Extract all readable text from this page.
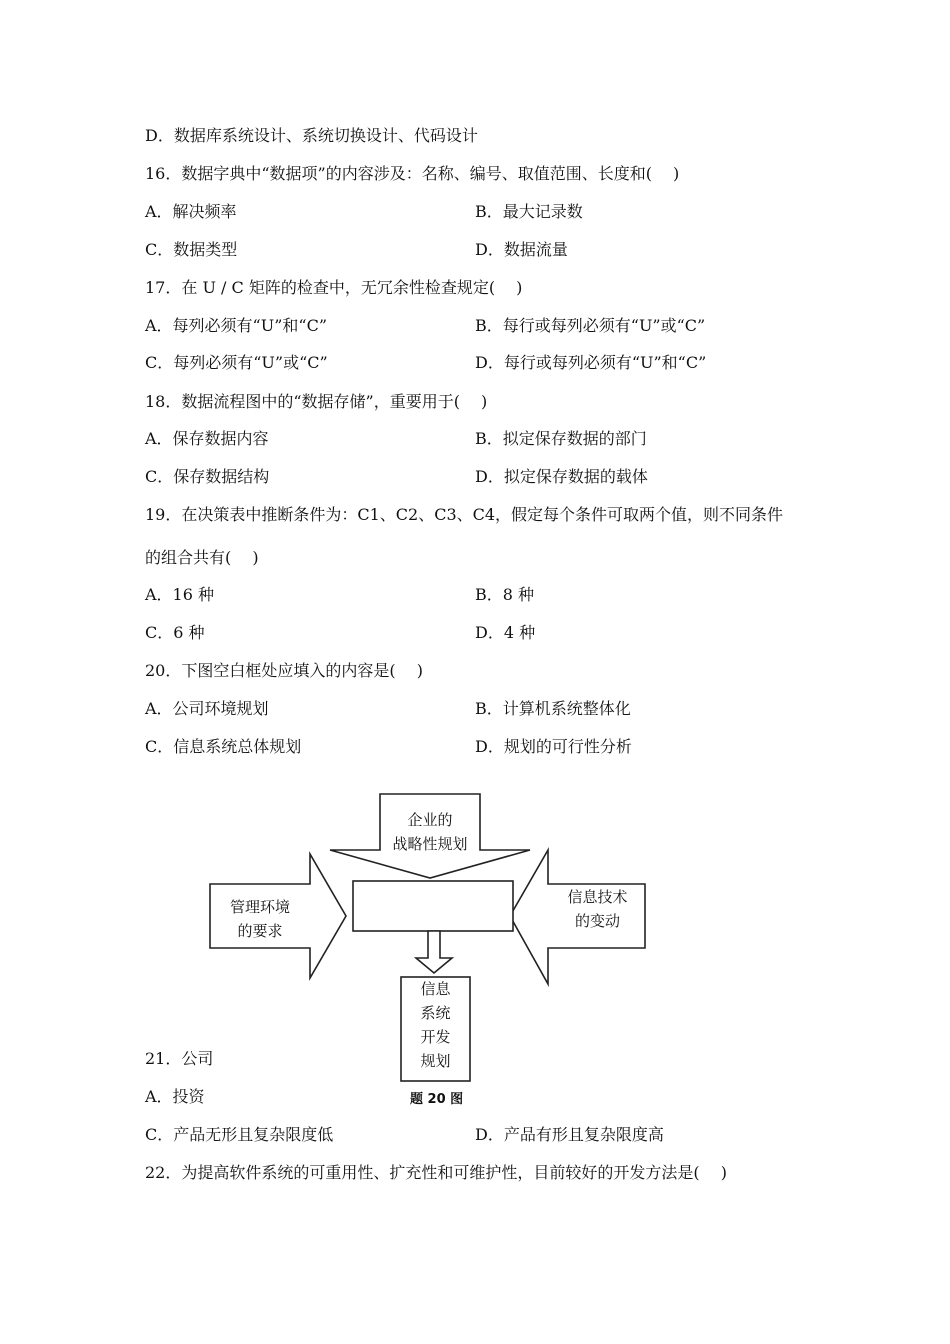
D．数据库系统设计、系统切换设计、代码设计
16．数据字典中“数据项”的内容涉及：名称、编号、取值范围、长度和(　 )
A．解决频率	B．最大记录数
C．数据类型	D．数据流量
17．在 U / C 矩阵的检查中，无冗余性检查规定(　 )
A．每列必须有“U”和“C”	B．每行或每列必须有“U”或“C”
C．每列必须有“U”或“C”	D．每行或每列必须有“U”和“C”
18．数据流程图中的“数据存储”，重要用于(　 )
A．保存数据内容	B．拟定保存数据的部门
C．保存数据结构	D．拟定保存数据的载体
19．在决策表中推断条件为：C1、C2、C3、C4，假定每个条件可取两个值，则不同条件
的组合共有(　 )
A．16 种	B．8 种
C．6 种	D．4 种
20．下图空白框处应填入的内容是(　 )
A．公司环境规划	B．计算机系统整体化
C．信息系统总体规划	D．规划的可行性分析
21．公司
A．投资
企业的
战略性规划
管理环境
的要求
信息技术
的变动
信息
系统
开发
规划
题 20 图
C．产品无形且复杂限度低	D．产品有形且复杂限度高
22．为提高软件系统的可重用性、扩充性和可维护性，目前较好的开发方法是(　 )
